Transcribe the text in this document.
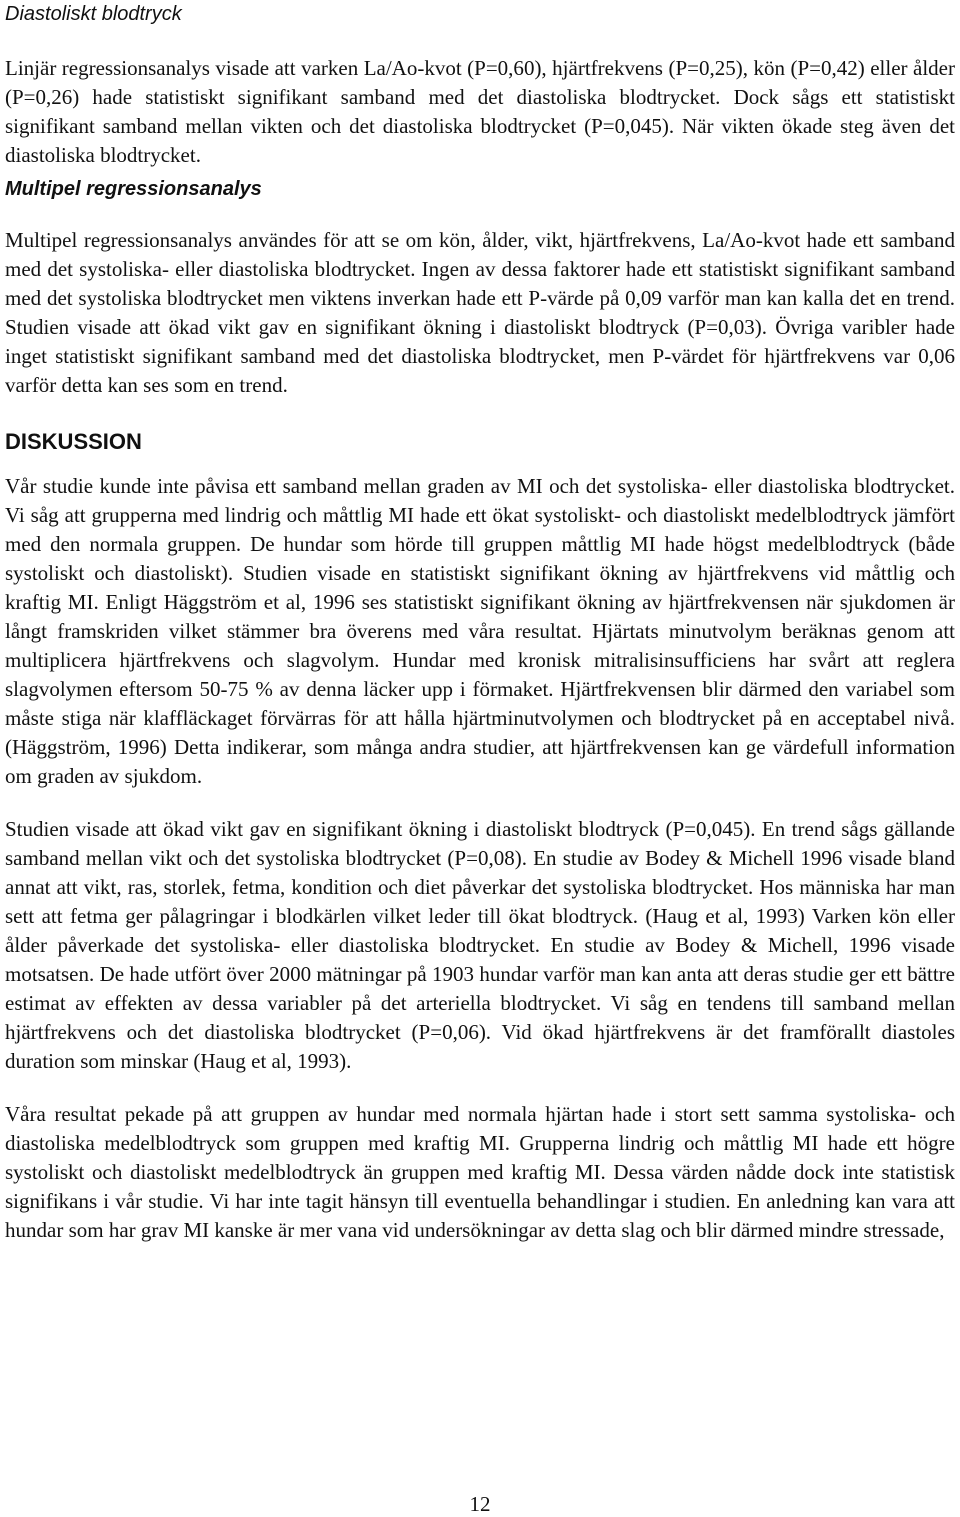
Diastoliskt blodtryck

Linjär regressionsanalys visade att varken La/Ao-kvot (P=0,60), hjärtfrekvens (P=0,25), kön (P=0,42) eller ålder (P=0,26) hade statistiskt signifikant samband med det diastoliska blodtrycket. Dock sågs ett statistiskt signifikant samband mellan vikten och det diastoliska blodtrycket (P=0,045). När vikten ökade steg även det diastoliska blodtrycket.

Multipel regressionsanalys

Multipel regressionsanalys användes för att se om kön, ålder, vikt, hjärtfrekvens, La/Ao-kvot hade ett samband med det systoliska- eller diastoliska blodtrycket. Ingen av dessa faktorer hade ett statistiskt signifikant samband med det systoliska blodtrycket men viktens inverkan hade ett P-värde på 0,09 varför man kan kalla det en trend. Studien visade att ökad vikt gav en signifikant ökning i diastoliskt blodtryck (P=0,03). Övriga varibler hade inget statistiskt signifikant samband med det diastoliska blodtrycket, men P-värdet för hjärtfrekvens var 0,06 varför detta kan ses som en trend.

DISKUSSION

Vår studie kunde inte påvisa ett samband mellan graden av MI och det systoliska- eller diastoliska blodtrycket. Vi såg att grupperna med lindrig och måttlig MI hade ett ökat systoliskt- och diastoliskt medelblodtryck jämfört med den normala gruppen. De hundar som hörde till gruppen måttlig MI hade högst medelblodtryck (både systoliskt och diastoliskt). Studien visade en statistiskt signifikant ökning av hjärtfrekvens vid måttlig och kraftig MI. Enligt Häggström et al, 1996 ses statistiskt signifikant ökning av hjärtfrekvensen när sjukdomen är långt framskriden vilket stämmer bra överens med våra resultat. Hjärtats minutvolym beräknas genom att multiplicera hjärtfrekvens och slagvolym. Hundar med kronisk mitralisinsufficiens har svårt att reglera slagvolymen eftersom 50-75 % av denna läcker upp i förmaket. Hjärtfrekvensen blir därmed den variabel som måste stiga när klaffläckaget förvärras för att hålla hjärtminutvolymen och blodtrycket på en acceptabel nivå. (Häggström, 1996) Detta indikerar, som många andra studier, att hjärtfrekvensen kan ge värdefull information om graden av sjukdom.

Studien visade att ökad vikt gav en signifikant ökning i diastoliskt blodtryck (P=0,045). En trend sågs gällande samband mellan vikt och det systoliska blodtrycket (P=0,08). En studie av Bodey & Michell 1996 visade bland annat att vikt, ras, storlek, fetma, kondition och diet påverkar det systoliska blodtrycket. Hos människa har man sett att fetma ger pålagringar i blodkärlen vilket leder till ökat blodtryck. (Haug et al, 1993) Varken kön eller ålder påverkade det systoliska- eller diastoliska blodtrycket. En studie av Bodey & Michell, 1996 visade motsatsen. De hade utfört över 2000 mätningar på 1903 hundar varför man kan anta att deras studie ger ett bättre estimat av effekten av dessa variabler på det arteriella blodtrycket. Vi såg en tendens till samband mellan hjärtfrekvens och det diastoliska blodtrycket (P=0,06). Vid ökad hjärtfrekvens är det framförallt diastoles duration som minskar (Haug et al, 1993).

Våra resultat pekade på att gruppen av hundar med normala hjärtan hade i stort sett samma systoliska- och diastoliska medelblodtryck som gruppen med kraftig MI. Grupperna lindrig och måttlig MI hade ett högre systoliskt och diastoliskt medelblodtryck än gruppen med kraftig MI. Dessa värden nådde dock inte statistisk signifikans i vår studie. Vi har inte tagit hänsyn till eventuella behandlingar i studien. En anledning kan vara att hundar som har grav MI kanske är mer vana vid undersökningar av detta slag och blir därmed mindre stressade,

12
